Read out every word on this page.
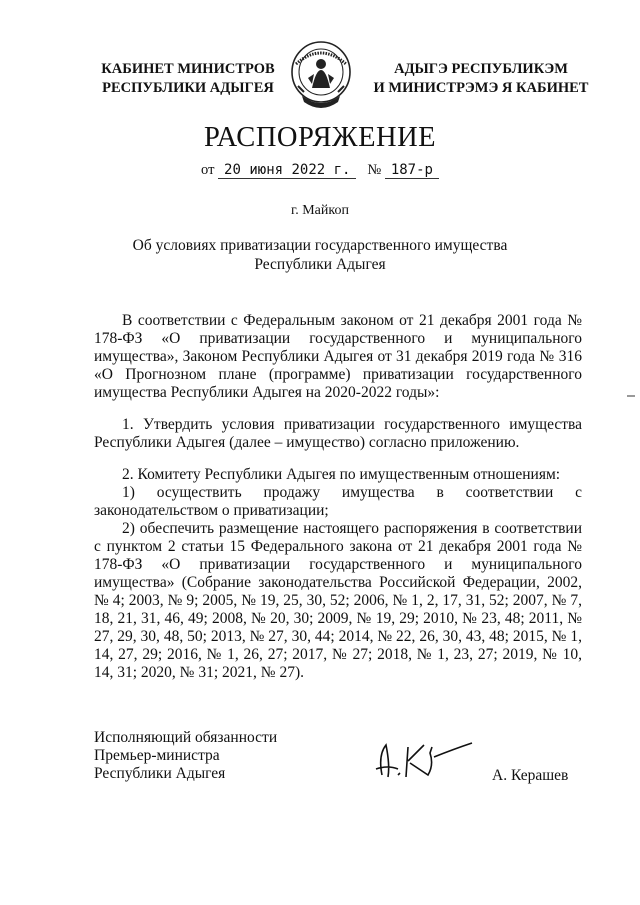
КАБИНЕТ МИНИСТРОВ
РЕСПУБЛИКИ АДЫГЕЯ
АДЫГЭ РЕСПУБЛИКЭМ
И МИНИСТРЭМЭ Я КАБИНЕТ
РАСПОРЯЖЕНИЕ
от 20 июня 2022 г. № 187-р
г. Майкоп
Об условиях приватизации государственного имущества
Республики Адыгея

В соответствии с Федеральным законом от 21 декабря 2001 года № 178-ФЗ «О приватизации государственного и муниципального имущества», Законом Республики Адыгея от 31 декабря 2019 года № 316 «О Прогнозном плане (программе) приватизации государственного имущества Республики Адыгея на 2020-2022 годы»:

1. Утвердить условия приватизации государственного имущества Республики Адыгея (далее – имущество) согласно приложению.

2. Комитету Республики Адыгея по имущественным отношениям:

1) осуществить продажу имущества в соответствии с законодательством о приватизации;

2) обеспечить размещение настоящего распоряжения в соответствии с пунктом 2 статьи 15 Федерального закона от 21 декабря 2001 года № 178-ФЗ «О приватизации государственного и муниципального имущества» (Собрание законодательства Российской Федерации, 2002, № 4; 2003, № 9; 2005, № 19, 25, 30, 52; 2006, № 1, 2, 17, 31, 52; 2007, № 7, 18, 21, 31, 46, 49; 2008, № 20, 30; 2009, № 19, 29; 2010, № 23, 48; 2011, № 27, 29, 30, 48, 50; 2013, № 27, 30, 44; 2014, № 22, 26, 30, 43, 48; 2015, № 1, 14, 27, 29; 2016, № 1, 26, 27; 2017, № 27; 2018, № 1, 23, 27; 2019, № 10, 14, 31; 2020, № 31; 2021, № 27).

Исполняющий обязанности
Премьер-министра
Республики Адыгея	А. Керашев
